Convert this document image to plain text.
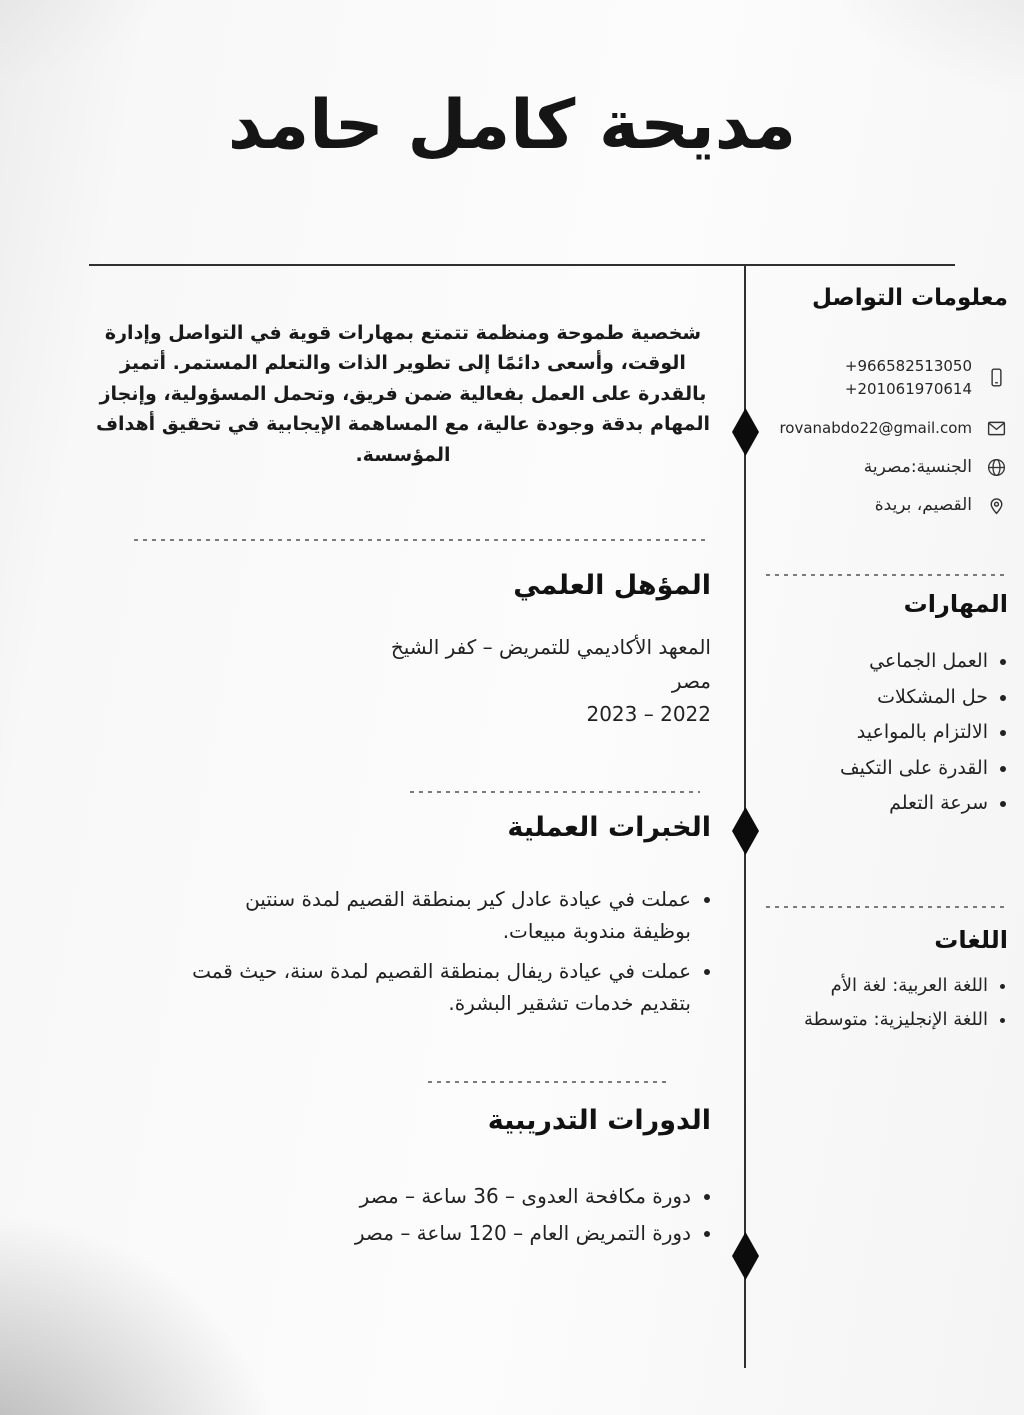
مديحة كامل حامد

شخصية طموحة ومنظمة تتمتع بمهارات قوية في التواصل وإدارة الوقت، وأسعى دائمًا إلى تطوير الذات والتعلم المستمر. أتميز بالقدرة على العمل بفعالية ضمن فريق، وتحمل المسؤولية، وإنجاز المهام بدقة وجودة عالية، مع المساهمة الإيجابية في تحقيق أهداف المؤسسة.

المؤهل العلمي
المعهد الأكاديمي للتمريض – كفر الشيخ
مصر
2022 – 2023
الخبرات العملية
• عملت في عيادة عادل كير بمنطقة القصيم لمدة سنتين بوظيفة مندوبة مبيعات.
• عملت في عيادة ريفال بمنطقة القصيم لمدة سنة، حيث قمت بتقديم خدمات تشقير البشرة.
الدورات التدريبية
• دورة مكافحة العدوى – 36 ساعة – مصر
• دورة التمريض العام – 120 ساعة – مصر
معلومات التواصل
+966582513050
+201061970614
rovanabdo22@gmail.com
الجنسية:مصرية
القصيم، بريدة
المهارات
• العمل الجماعي
• حل المشكلات
• الالتزام بالمواعيد
• القدرة على التكيف
• سرعة التعلم
اللغات
• اللغة العربية: لغة الأم
• اللغة الإنجليزية: متوسطة
